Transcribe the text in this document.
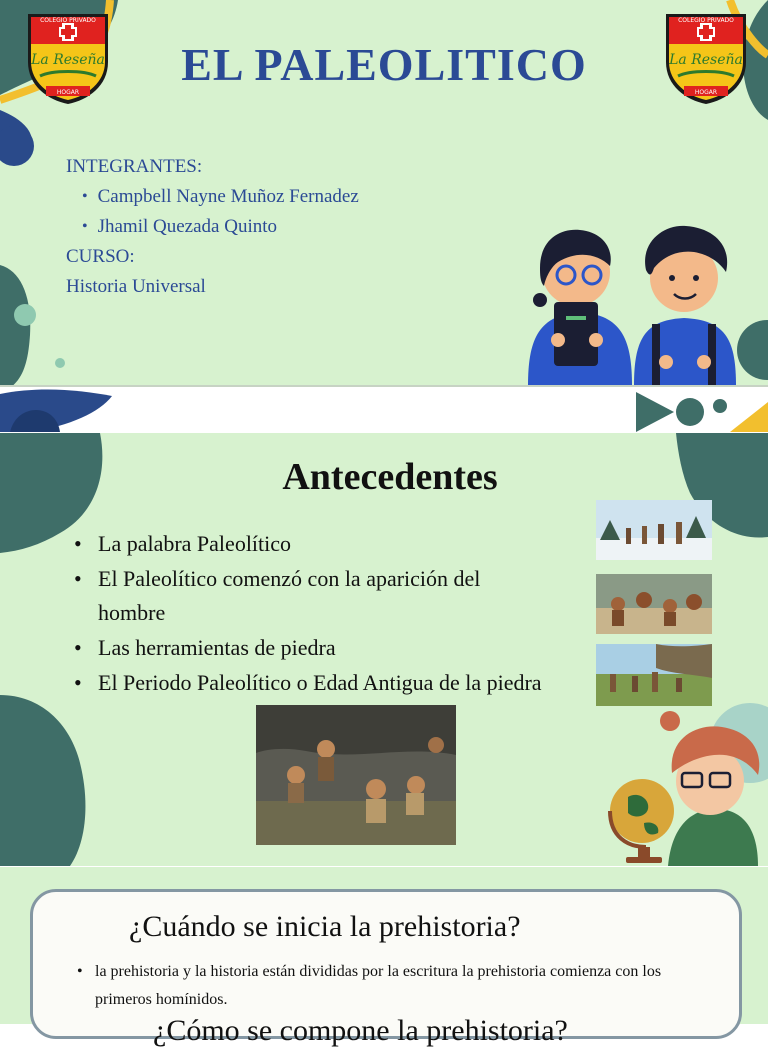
COLEGIO PRIVADO
La Reseña
HOGAR
COLEGIO PRIVADO
La Reseña
HOGAR
EL PALEOLITICO
INTEGRANTES:
• Campbell Nayne Muñoz Fernadez
• Jhamil Quezada Quinto
CURSO:
Historia Universal
Antecedentes
• La palabra Paleolítico
• El Paleolítico comenzó con la aparición del hombre
• Las herramientas de piedra
• El Periodo Paleolítico o Edad Antigua de la piedra
¿Cuándo se inicia la prehistoria?
• la prehistoria y la historia están divididas por la escritura la prehistoria comienza con los primeros homínidos.
¿Cómo se compone la prehistoria?
